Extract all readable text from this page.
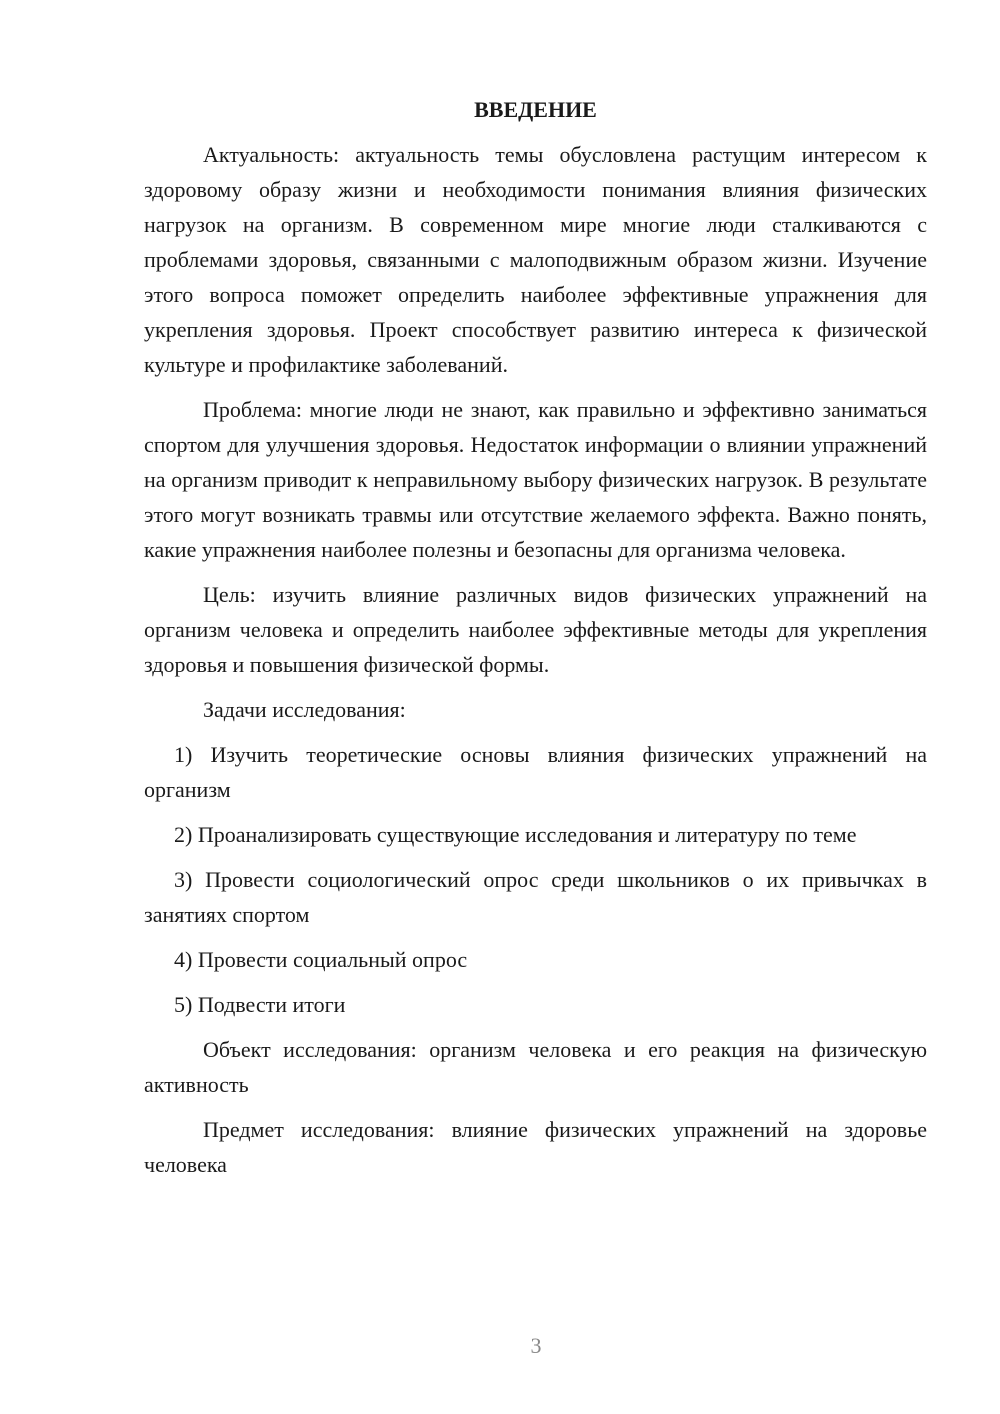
ВВЕДЕНИЕ

Актуальность: актуальность темы обусловлена растущим интересом к здоровому образу жизни и необходимости понимания влияния физических нагрузок на организм. В современном мире многие люди сталкиваются с проблемами здоровья, связанными с малоподвижным образом жизни. Изучение этого вопроса поможет определить наиболее эффективные упражнения для укрепления здоровья. Проект способствует развитию интереса к физической культуре и профилактике заболеваний.

Проблема: многие люди не знают, как правильно и эффективно заниматься спортом для улучшения здоровья. Недостаток информации о влиянии упражнений на организм приводит к неправильному выбору физических нагрузок. В результате этого могут возникать травмы или отсутствие желаемого эффекта. Важно понять, какие упражнения наиболее полезны и безопасны для организма человека.

Цель: изучить влияние различных видов физических упражнений на организм человека и определить наиболее эффективные методы для укрепления здоровья и повышения физической формы.

Задачи исследования:

1) Изучить теоретические основы влияния физических упражнений на организм

2) Проанализировать существующие исследования и литературу по теме

3) Провести социологический опрос среди школьников о их привычках в занятиях спортом

4) Провести социальный опрос

5) Подвести итоги

Объект исследования: организм человека и его реакция на физическую активность

Предмет исследования: влияние физических упражнений на здоровье человека

3
